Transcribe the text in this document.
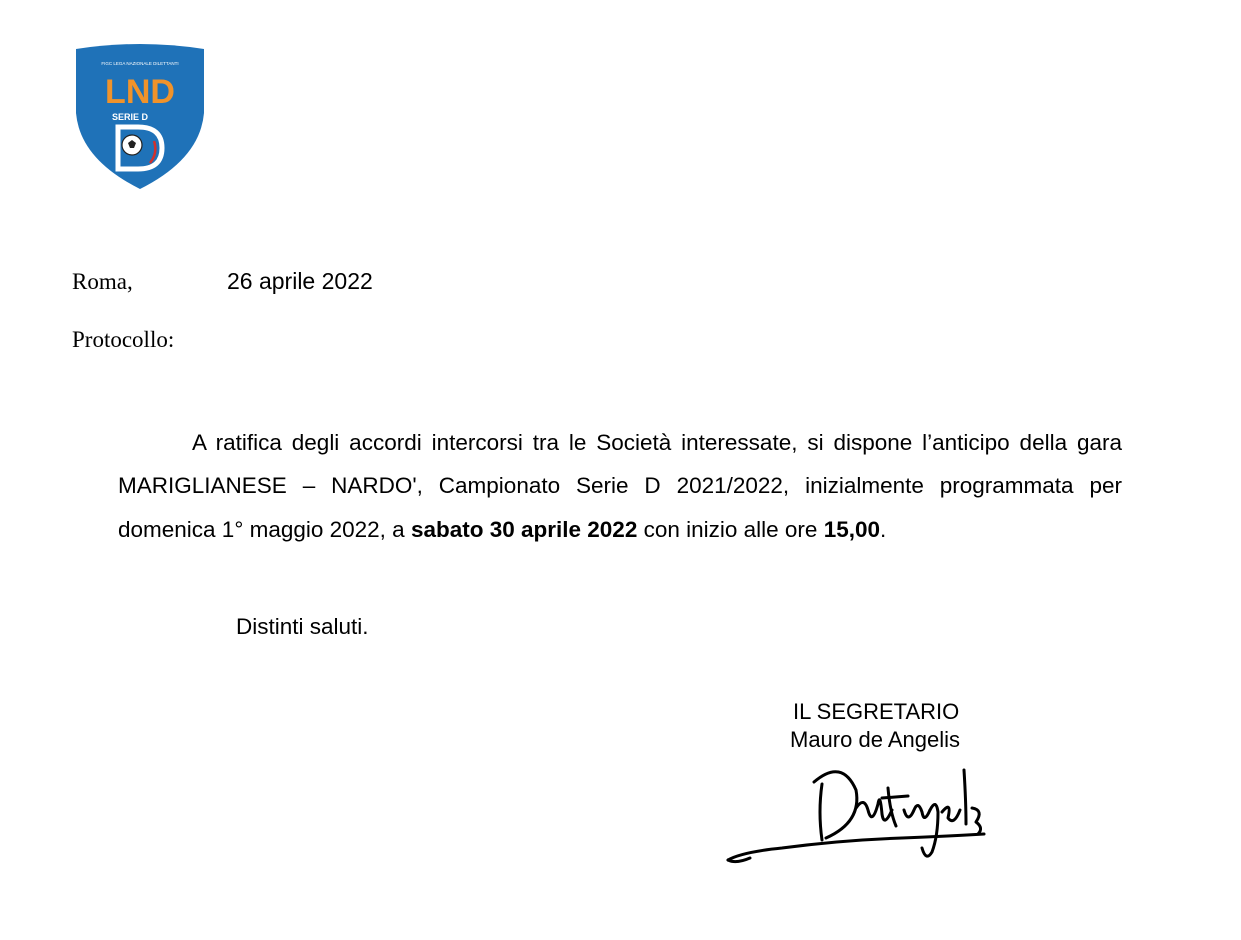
FIGC LEGA NAZIONALE DILETTANTI
LND
SERIE D
Roma,	26 aprile 2022
Protocollo:
A ratifica degli accordi intercorsi tra le Società interessate, si dispone l’anticipo della gara MARIGLIANESE – NARDO', Campionato Serie D 2021/2022, inizialmente programmata per domenica 1° maggio 2022, a sabato 30 aprile 2022 con inizio alle ore 15,00.
Distinti saluti.
IL SEGRETARIO
Mauro de Angelis
